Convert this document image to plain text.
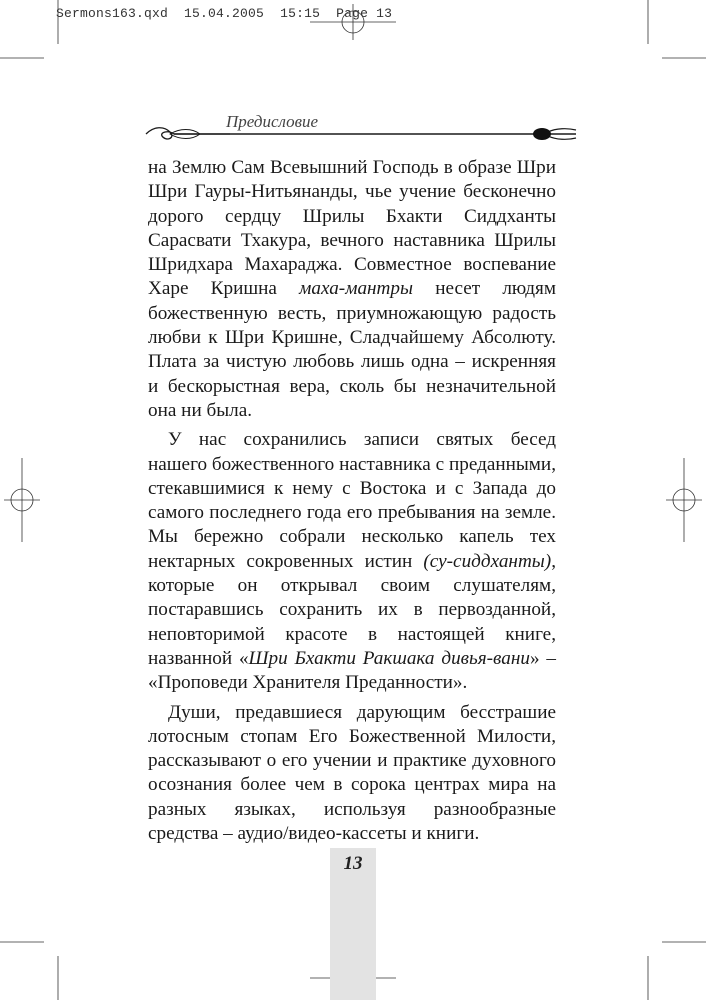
Sermons163.qxd 15.04.2005 15:15 Page 13
Предисловие

на Землю Сам Всевышний Господь в образе Шри Шри Гауры-Нитьянанды, чье учение бесконечно дорого сердцу Шрилы Бхакти Сиддханты Сарасвати Тхакура, вечного наставника Шрилы Шридхара Махараджа. Совместное воспевание Харе Кришна маха-мантры несет людям божественную весть, приумножающую радость любви к Шри Кришне, Сладчайшему Абсолюту. Плата за чистую любовь лишь одна – искренняя и бескорыстная вера, сколь бы незначительной она ни была.

У нас сохранились записи святых бесед нашего божественного наставника с преданными, стекавшимися к нему с Востока и с Запада до самого последнего года его пребывания на земле. Мы бережно собрали несколько капель тех нектарных сокровенных истин (су-сиддханты), которые он открывал своим слушателям, постаравшись сохранить их в первозданной, неповторимой красоте в настоящей книге, названной «Шри Бхакти Ракшака дивья-вани» – «Проповеди Хранителя Преданности».

Души, предавшиеся дарующим бесстрашие лотосным стопам Его Божественной Милости, рассказывают о его учении и практике духовного осознания более чем в сорока центрах мира на разных языках, используя разнообразные средства – аудио/видео-кассеты и книги.

13
